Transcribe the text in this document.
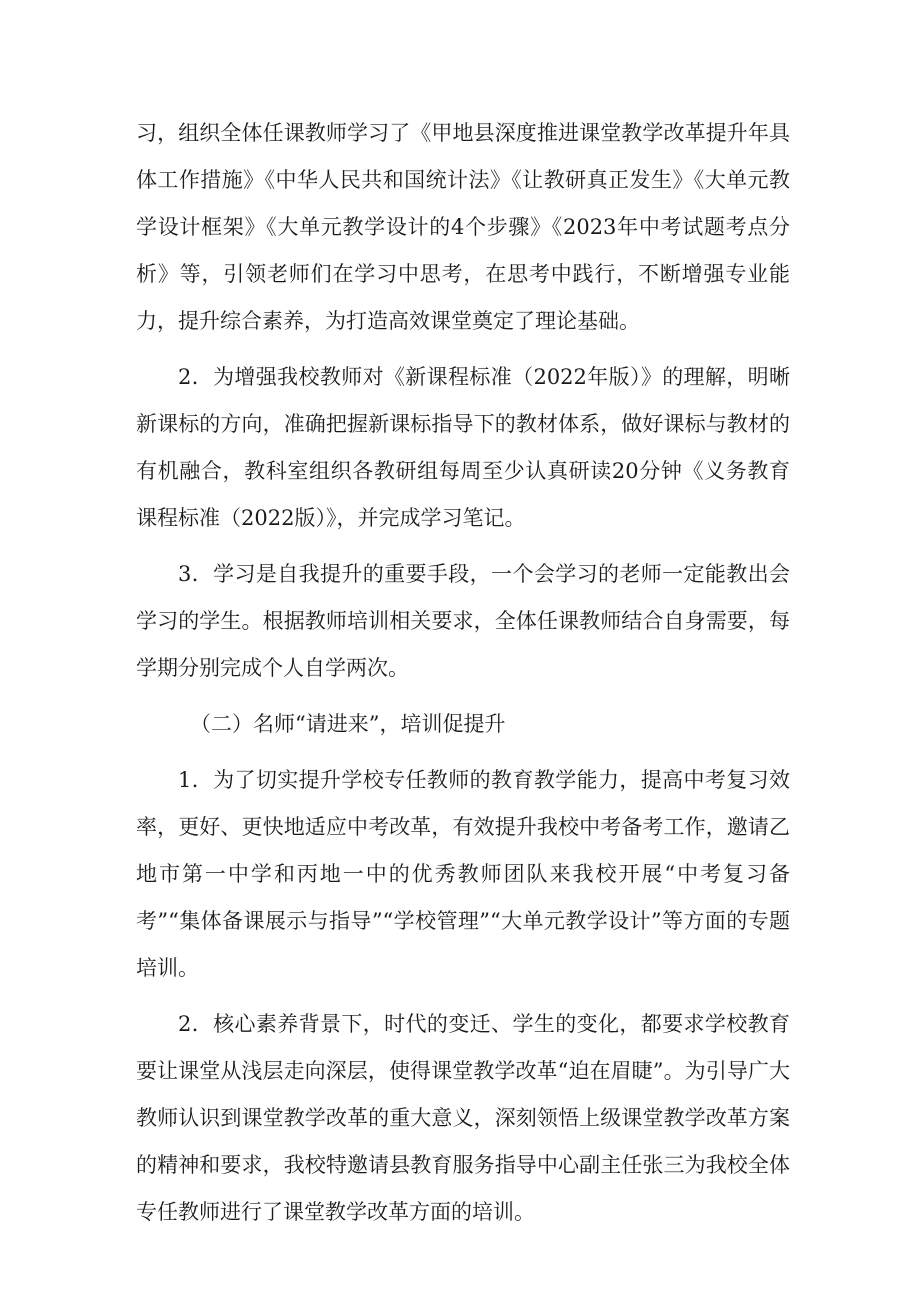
习，组织全体任课教师学习了《甲地县深度推进课堂教学改革提升年具体工作措施》《中华人民共和国统计法》《让教研真正发生》《大单元教学设计框架》《大单元教学设计的4个步骤》《2023年中考试题考点分析》等，引领老师们在学习中思考，在思考中践行，不断增强专业能力，提升综合素养，为打造高效课堂奠定了理论基础。

2．为增强我校教师对《新课程标准（2022年版）》的理解，明晰新课标的方向，准确把握新课标指导下的教材体系，做好课标与教材的有机融合，教科室组织各教研组每周至少认真研读20分钟《义务教育课程标准（2022版）》，并完成学习笔记。

3．学习是自我提升的重要手段，一个会学习的老师一定能教出会学习的学生。根据教师培训相关要求，全体任课教师结合自身需要，每学期分别完成个人自学两次。

（二）名师“请进来”，培训促提升

1．为了切实提升学校专任教师的教育教学能力，提高中考复习效率，更好、更快地适应中考改革，有效提升我校中考备考工作，邀请乙地市第一中学和丙地一中的优秀教师团队来我校开展“中考复习备考”“集体备课展示与指导”“学校管理”“大单元教学设计”等方面的专题培训。

2．核心素养背景下，时代的变迁、学生的变化，都要求学校教育要让课堂从浅层走向深层，使得课堂教学改革“迫在眉睫”。为引导广大教师认识到课堂教学改革的重大意义，深刻领悟上级课堂教学改革方案的精神和要求，我校特邀请县教育服务指导中心副主任张三为我校全体专任教师进行了课堂教学改革方面的培训。
